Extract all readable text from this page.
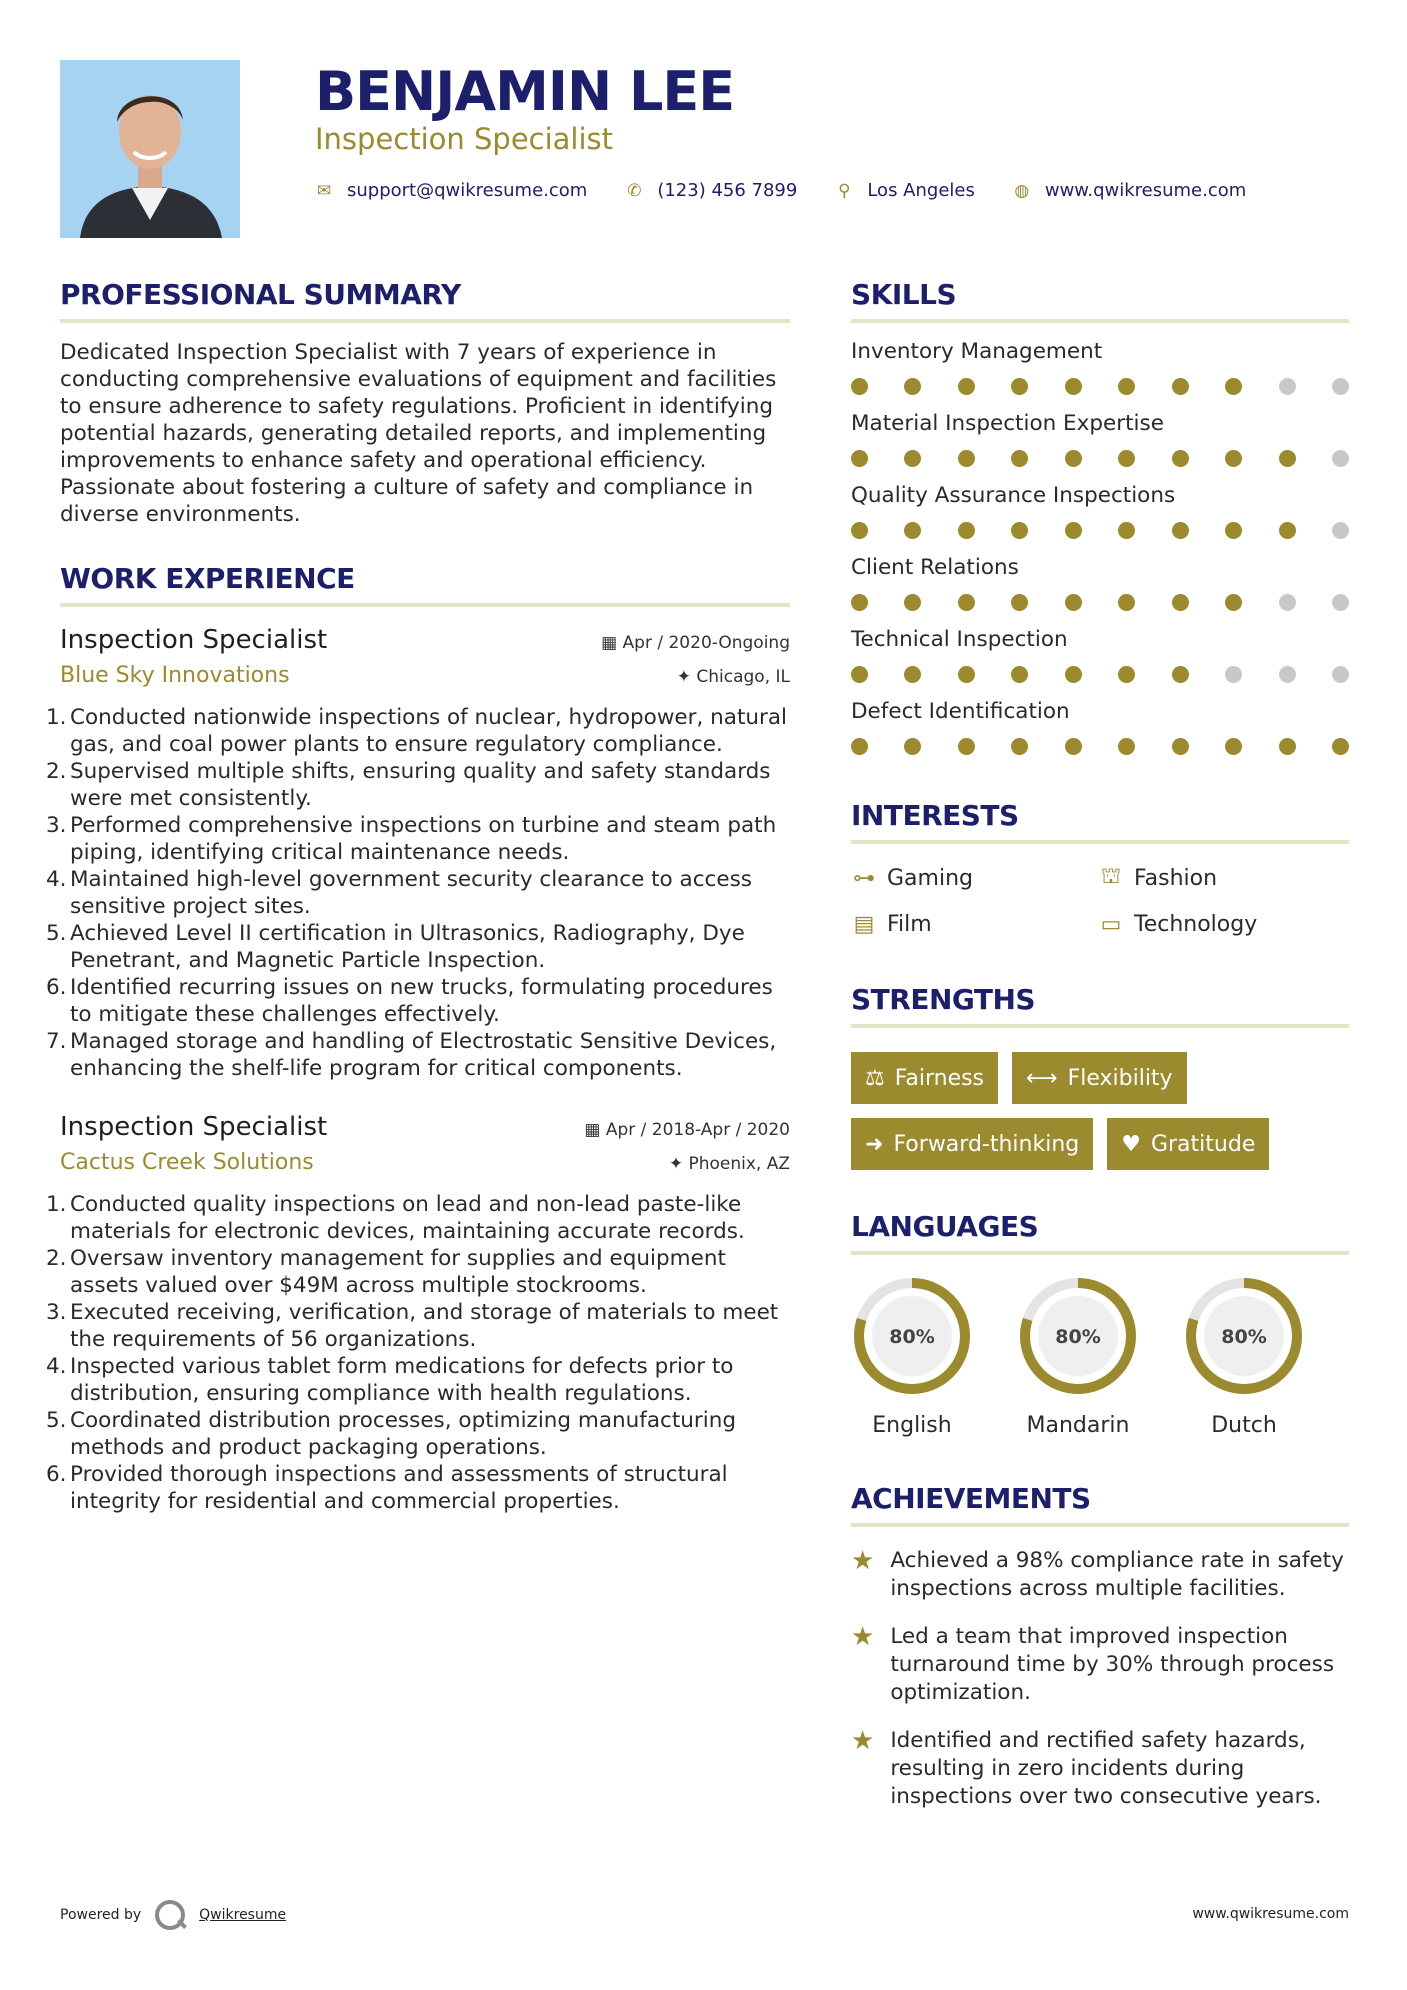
BENJAMIN LEE
Inspection Specialist
✉ support@qwikresume.com ✆ (123) 456 7899 ⚲ Los Angeles ◍ www.qwikresume.com
PROFESSIONAL SUMMARY

Dedicated Inspection Specialist with 7 years of experience in conducting comprehensive evaluations of equipment and facilities to ensure adherence to safety regulations. Proficient in identifying potential hazards, generating detailed reports, and implementing improvements to enhance safety and operational efficiency. Passionate about fostering a culture of safety and compliance in diverse environments.

WORK EXPERIENCE
Inspection Specialist	▦ Apr / 2020-Ongoing
Blue Sky Innovations	✦ Chicago, IL
1. Conducted nationwide inspections of nuclear, hydropower, natural gas, and coal power plants to ensure regulatory compliance.
2. Supervised multiple shifts, ensuring quality and safety standards were met consistently.
3. Performed comprehensive inspections on turbine and steam path piping, identifying critical maintenance needs.
4. Maintained high-level government security clearance to access sensitive project sites.
5. Achieved Level II certification in Ultrasonics, Radiography, Dye Penetrant, and Magnetic Particle Inspection.
6. Identified recurring issues on new trucks, formulating procedures to mitigate these challenges effectively.
7. Managed storage and handling of Electrostatic Sensitive Devices, enhancing the shelf-life program for critical components.
Inspection Specialist	▦ Apr / 2018-Apr / 2020
Cactus Creek Solutions	✦ Phoenix, AZ
1. Conducted quality inspections on lead and non-lead paste-like materials for electronic devices, maintaining accurate records.
2. Oversaw inventory management for supplies and equipment assets valued over $49M across multiple stockrooms.
3. Executed receiving, verification, and storage of materials to meet the requirements of 56 organizations.
4. Inspected various tablet form medications for defects prior to distribution, ensuring compliance with health regulations.
5. Coordinated distribution processes, optimizing manufacturing methods and product packaging operations.
6. Provided thorough inspections and assessments of structural integrity for residential and commercial properties.
SKILLS
Inventory Management
Material Inspection Expertise
Quality Assurance Inspections
Client Relations
Technical Inspection
Defect Identification
INTERESTS
⊶ Gaming	⛫ Fashion
▤ Film	▭ Technology
STRENGTHS
⚖ Fairness ⟷ Flexibility
➜ Forward-thinking ♥ Gratitude
LANGUAGES
80%
English
80%
Mandarin
80%
Dutch
ACHIEVEMENTS
★ Achieved a 98% compliance rate in safety inspections across multiple facilities.
★ Led a team that improved inspection turnaround time by 30% through process optimization.
★ Identified and rectified safety hazards, resulting in zero incidents during inspections over two consecutive years.
Powered by	Qwikresume	www.qwikresume.com
